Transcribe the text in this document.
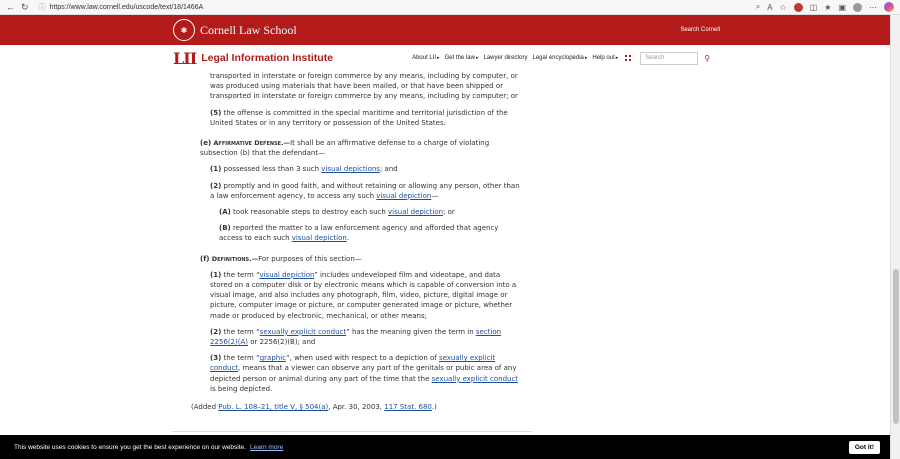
← ↻ ⓘ https://www.law.cornell.edu/uscode/text/18/1466A	⌕ A ☆	◫ ★ ▣	⋯
✱	Cornell Law School	Search Cornell
LII Legal Information Institute	About LII▸ Get the law▸ Lawyer directory Legal encyclopedia▸ Help out▸	Search	⚲

transported in interstate or foreign commerce by any means, including by computer, or was produced using materials that have been mailed, or that have been shipped or transported in interstate or foreign commerce by any means, including by computer; or

(5) the offense is committed in the special maritime and territorial jurisdiction of the United States or in any territory or possession of the United States.

(e) Affirmative Defense.—It shall be an affirmative defense to a charge of violating subsection (b) that the defendant—

(1) possessed less than 3 such visual depictions; and

(2) promptly and in good faith, and without retaining or allowing any person, other than a law enforcement agency, to access any such visual depiction—

(A) took reasonable steps to destroy each such visual depiction; or

(B) reported the matter to a law enforcement agency and afforded that agency access to each such visual depiction.

(f) Definitions.—For purposes of this section—

(1) the term “visual depiction” includes undeveloped film and videotape, and data stored on a computer disk or by electronic means which is capable of conversion into a visual image, and also includes any photograph, film, video, picture, digital image or picture, computer image or picture, or computer generated image or picture, whether made or produced by electronic, mechanical, or other means;

(2) the term “sexually explicit conduct” has the meaning given the term in section 2256(2)(A) or 2256(2)(B); and

(3) the term “graphic”, when used with respect to a depiction of sexually explicit conduct, means that a viewer can observe any part of the genitals or pubic area of any depicted person or animal during any part of the time that the sexually explicit conduct is being depicted.

(Added Pub. L. 108–21, title V, § 504(a), Apr. 30, 2003, 117 Stat. 680.)

This website uses cookies to ensure you get the best experience on our website. Learn more	Got it!
